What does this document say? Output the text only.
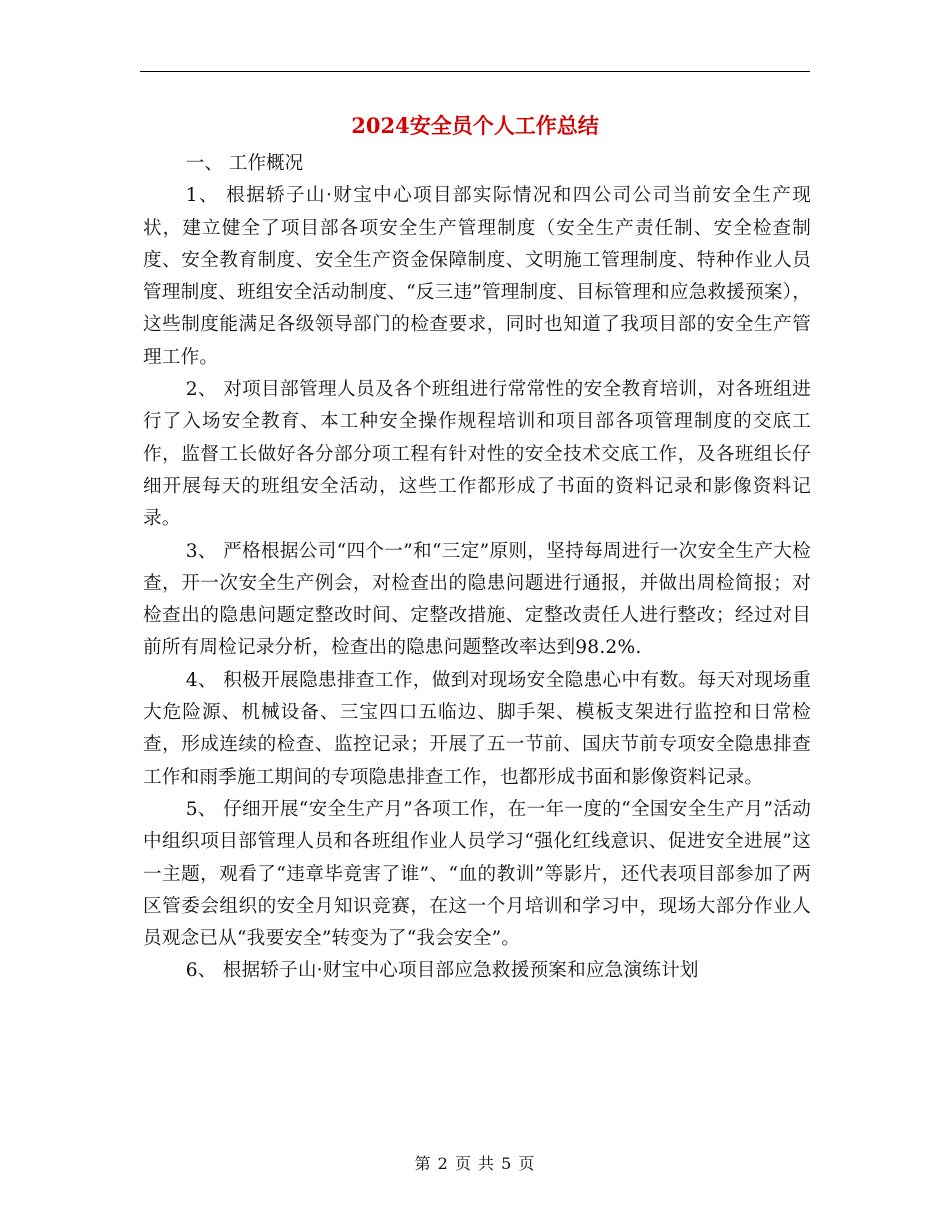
2024安全员个人工作总结

一、 工作概况

1、 根据轿子山·财宝中心项目部实际情况和四公司公司当前安全生产现状，建立健全了项目部各项安全生产管理制度（安全生产责任制、安全检查制度、安全教育制度、安全生产资金保障制度、文明施工管理制度、特种作业人员管理制度、班组安全活动制度、“反三违”管理制度、目标管理和应急救援预案），这些制度能满足各级领导部门的检查要求，同时也知道了我项目部的安全生产管理工作。

2、 对项目部管理人员及各个班组进行常常性的安全教育培训，对各班组进行了入场安全教育、本工种安全操作规程培训和项目部各项管理制度的交底工作，监督工长做好各分部分项工程有针对性的安全技术交底工作，及各班组长仔细开展每天的班组安全活动，这些工作都形成了书面的资料记录和影像资料记录。

3、 严格根据公司“四个一”和“三定”原则，坚持每周进行一次安全生产大检查，开一次安全生产例会，对检查出的隐患问题进行通报，并做出周检简报；对检查出的隐患问题定整改时间、定整改措施、定整改责任人进行整改；经过对目前所有周检记录分析，检查出的隐患问题整改率达到98.2%.

4、 积极开展隐患排查工作，做到对现场安全隐患心中有数。每天对现场重大危险源、机械设备、三宝四口五临边、脚手架、模板支架进行监控和日常检查，形成连续的检查、监控记录；开展了五一节前、国庆节前专项安全隐患排查工作和雨季施工期间的专项隐患排查工作，也都形成书面和影像资料记录。

5、 仔细开展“安全生产月”各项工作，在一年一度的“全国安全生产月”活动中组织项目部管理人员和各班组作业人员学习“强化红线意识、促进安全进展”这一主题，观看了“违章毕竟害了谁”、“血的教训”等影片，还代表项目部参加了两区管委会组织的安全月知识竞赛，在这一个月培训和学习中，现场大部分作业人员观念已从“我要安全”转变为了“我会安全”。

6、 根据轿子山·财宝中心项目部应急救援预案和应急演练计划

第 2 页 共 5 页
